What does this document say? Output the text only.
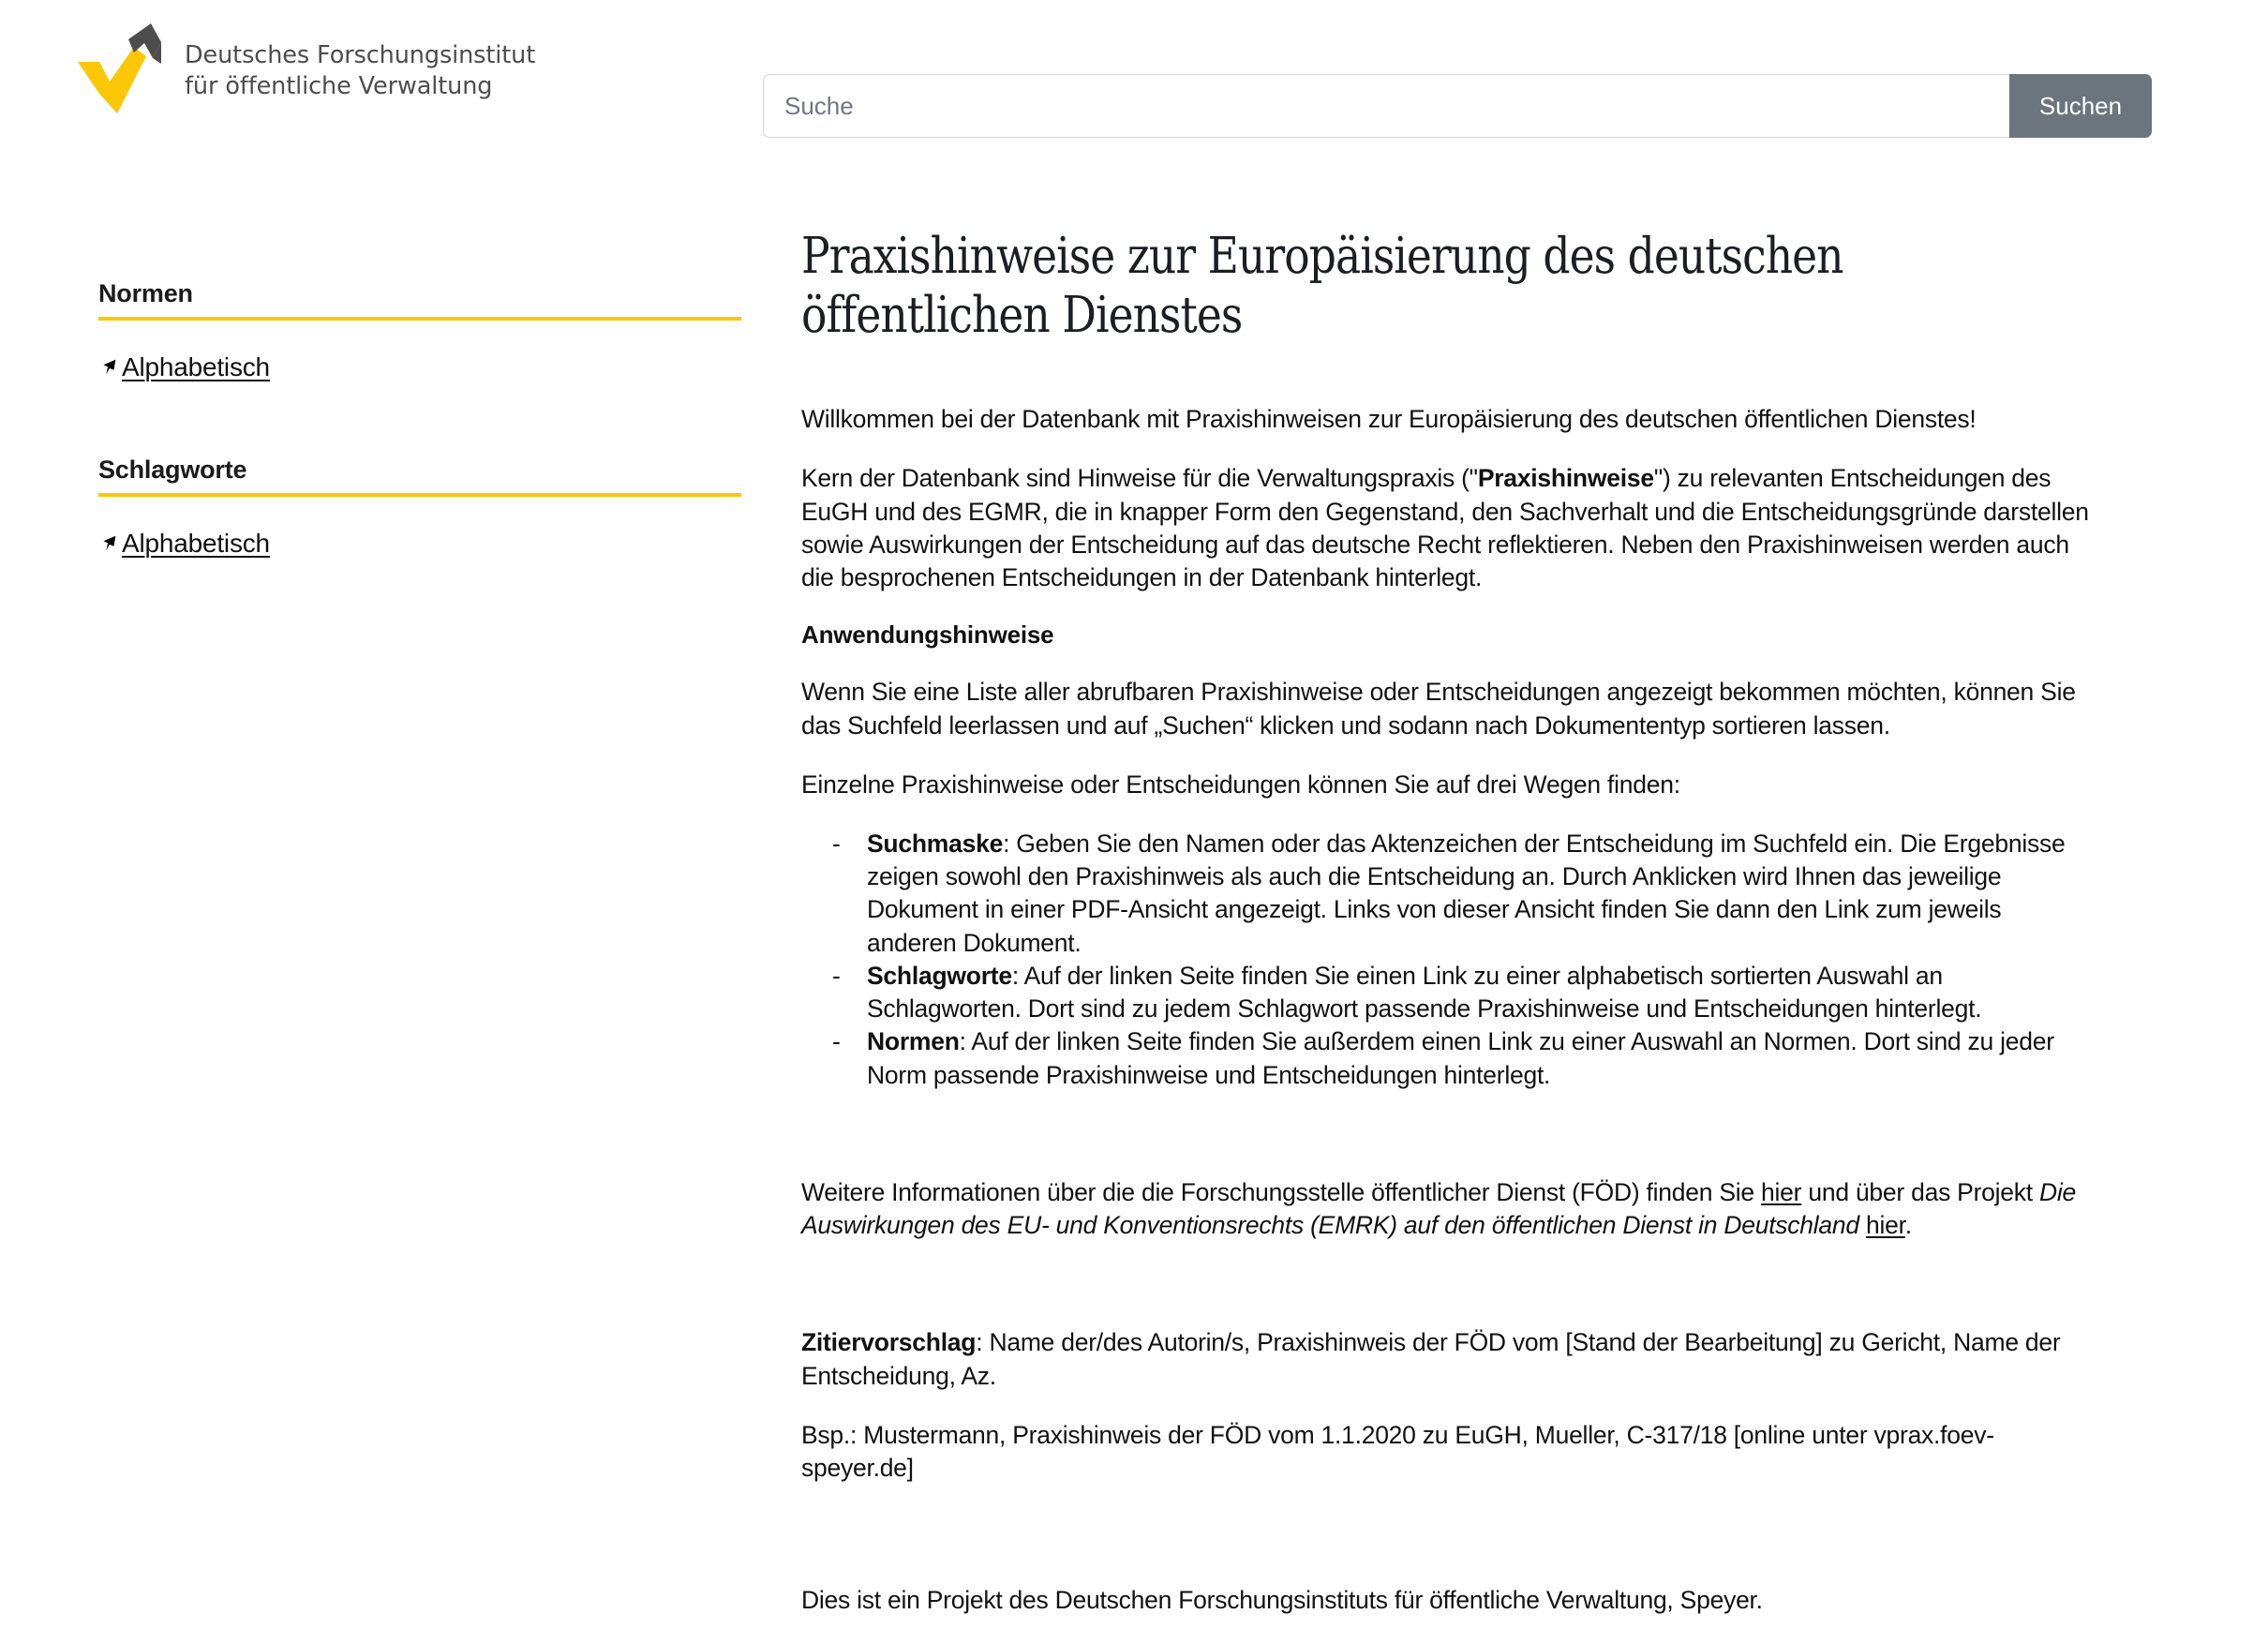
Deutsches Forschungsinstitut
für öffentliche Verwaltung
Suche
Suchen
Normen
Alphabetisch
Schlagworte
Alphabetisch
Praxishinweise zur Europäisierung des deutschen öffentlichen Dienstes

Willkommen bei der Datenbank mit Praxishinweisen zur Europäisierung des deutschen öffentlichen Dienstes!

Kern der Datenbank sind Hinweise für die Verwaltungspraxis ("Praxishinweise") zu relevanten Entscheidungen des EuGH und des EGMR, die in knapper Form den Gegenstand, den Sachverhalt und die Entscheidungsgründe darstellen sowie Auswirkungen der Entscheidung auf das deutsche Recht reflektieren. Neben den Praxishinweisen werden auch die besprochenen Entscheidungen in der Datenbank hinterlegt.

Anwendungshinweise

Wenn Sie eine Liste aller abrufbaren Praxishinweise oder Entscheidungen angezeigt bekommen möchten, können Sie das Suchfeld leerlassen und auf „Suchen“ klicken und sodann nach Dokumententyp sortieren lassen.

Einzelne Praxishinweise oder Entscheidungen können Sie auf drei Wegen finden:

- Suchmaske: Geben Sie den Namen oder das Aktenzeichen der Entscheidung im Suchfeld ein. Die Ergebnisse zeigen sowohl den Praxishinweis als auch die Entscheidung an. Durch Anklicken wird Ihnen das jeweilige Dokument in einer PDF-Ansicht angezeigt. Links von dieser Ansicht finden Sie dann den Link zum jeweils anderen Dokument.
- Schlagworte: Auf der linken Seite finden Sie einen Link zu einer alphabetisch sortierten Auswahl an Schlagworten. Dort sind zu jedem Schlagwort passende Praxishinweise und Entscheidungen hinterlegt.
- Normen: Auf der linken Seite finden Sie außerdem einen Link zu einer Auswahl an Normen. Dort sind zu jeder Norm passende Praxishinweise und Entscheidungen hinterlegt.

Weitere Informationen über die die Forschungsstelle öffentlicher Dienst (FÖD) finden Sie hier und über das Projekt Die Auswirkungen des EU- und Konventionsrechts (EMRK) auf den öffentlichen Dienst in Deutschland hier.

Zitiervorschlag: Name der/des Autorin/s, Praxishinweis der FÖD vom [Stand der Bearbeitung] zu Gericht, Name der Entscheidung, Az.

Bsp.: Mustermann, Praxishinweis der FÖD vom 1.1.2020 zu EuGH, Mueller, C-317/18 [online unter vprax.foev-speyer.de]

Dies ist ein Projekt des Deutschen Forschungsinstituts für öffentliche Verwaltung, Speyer.
